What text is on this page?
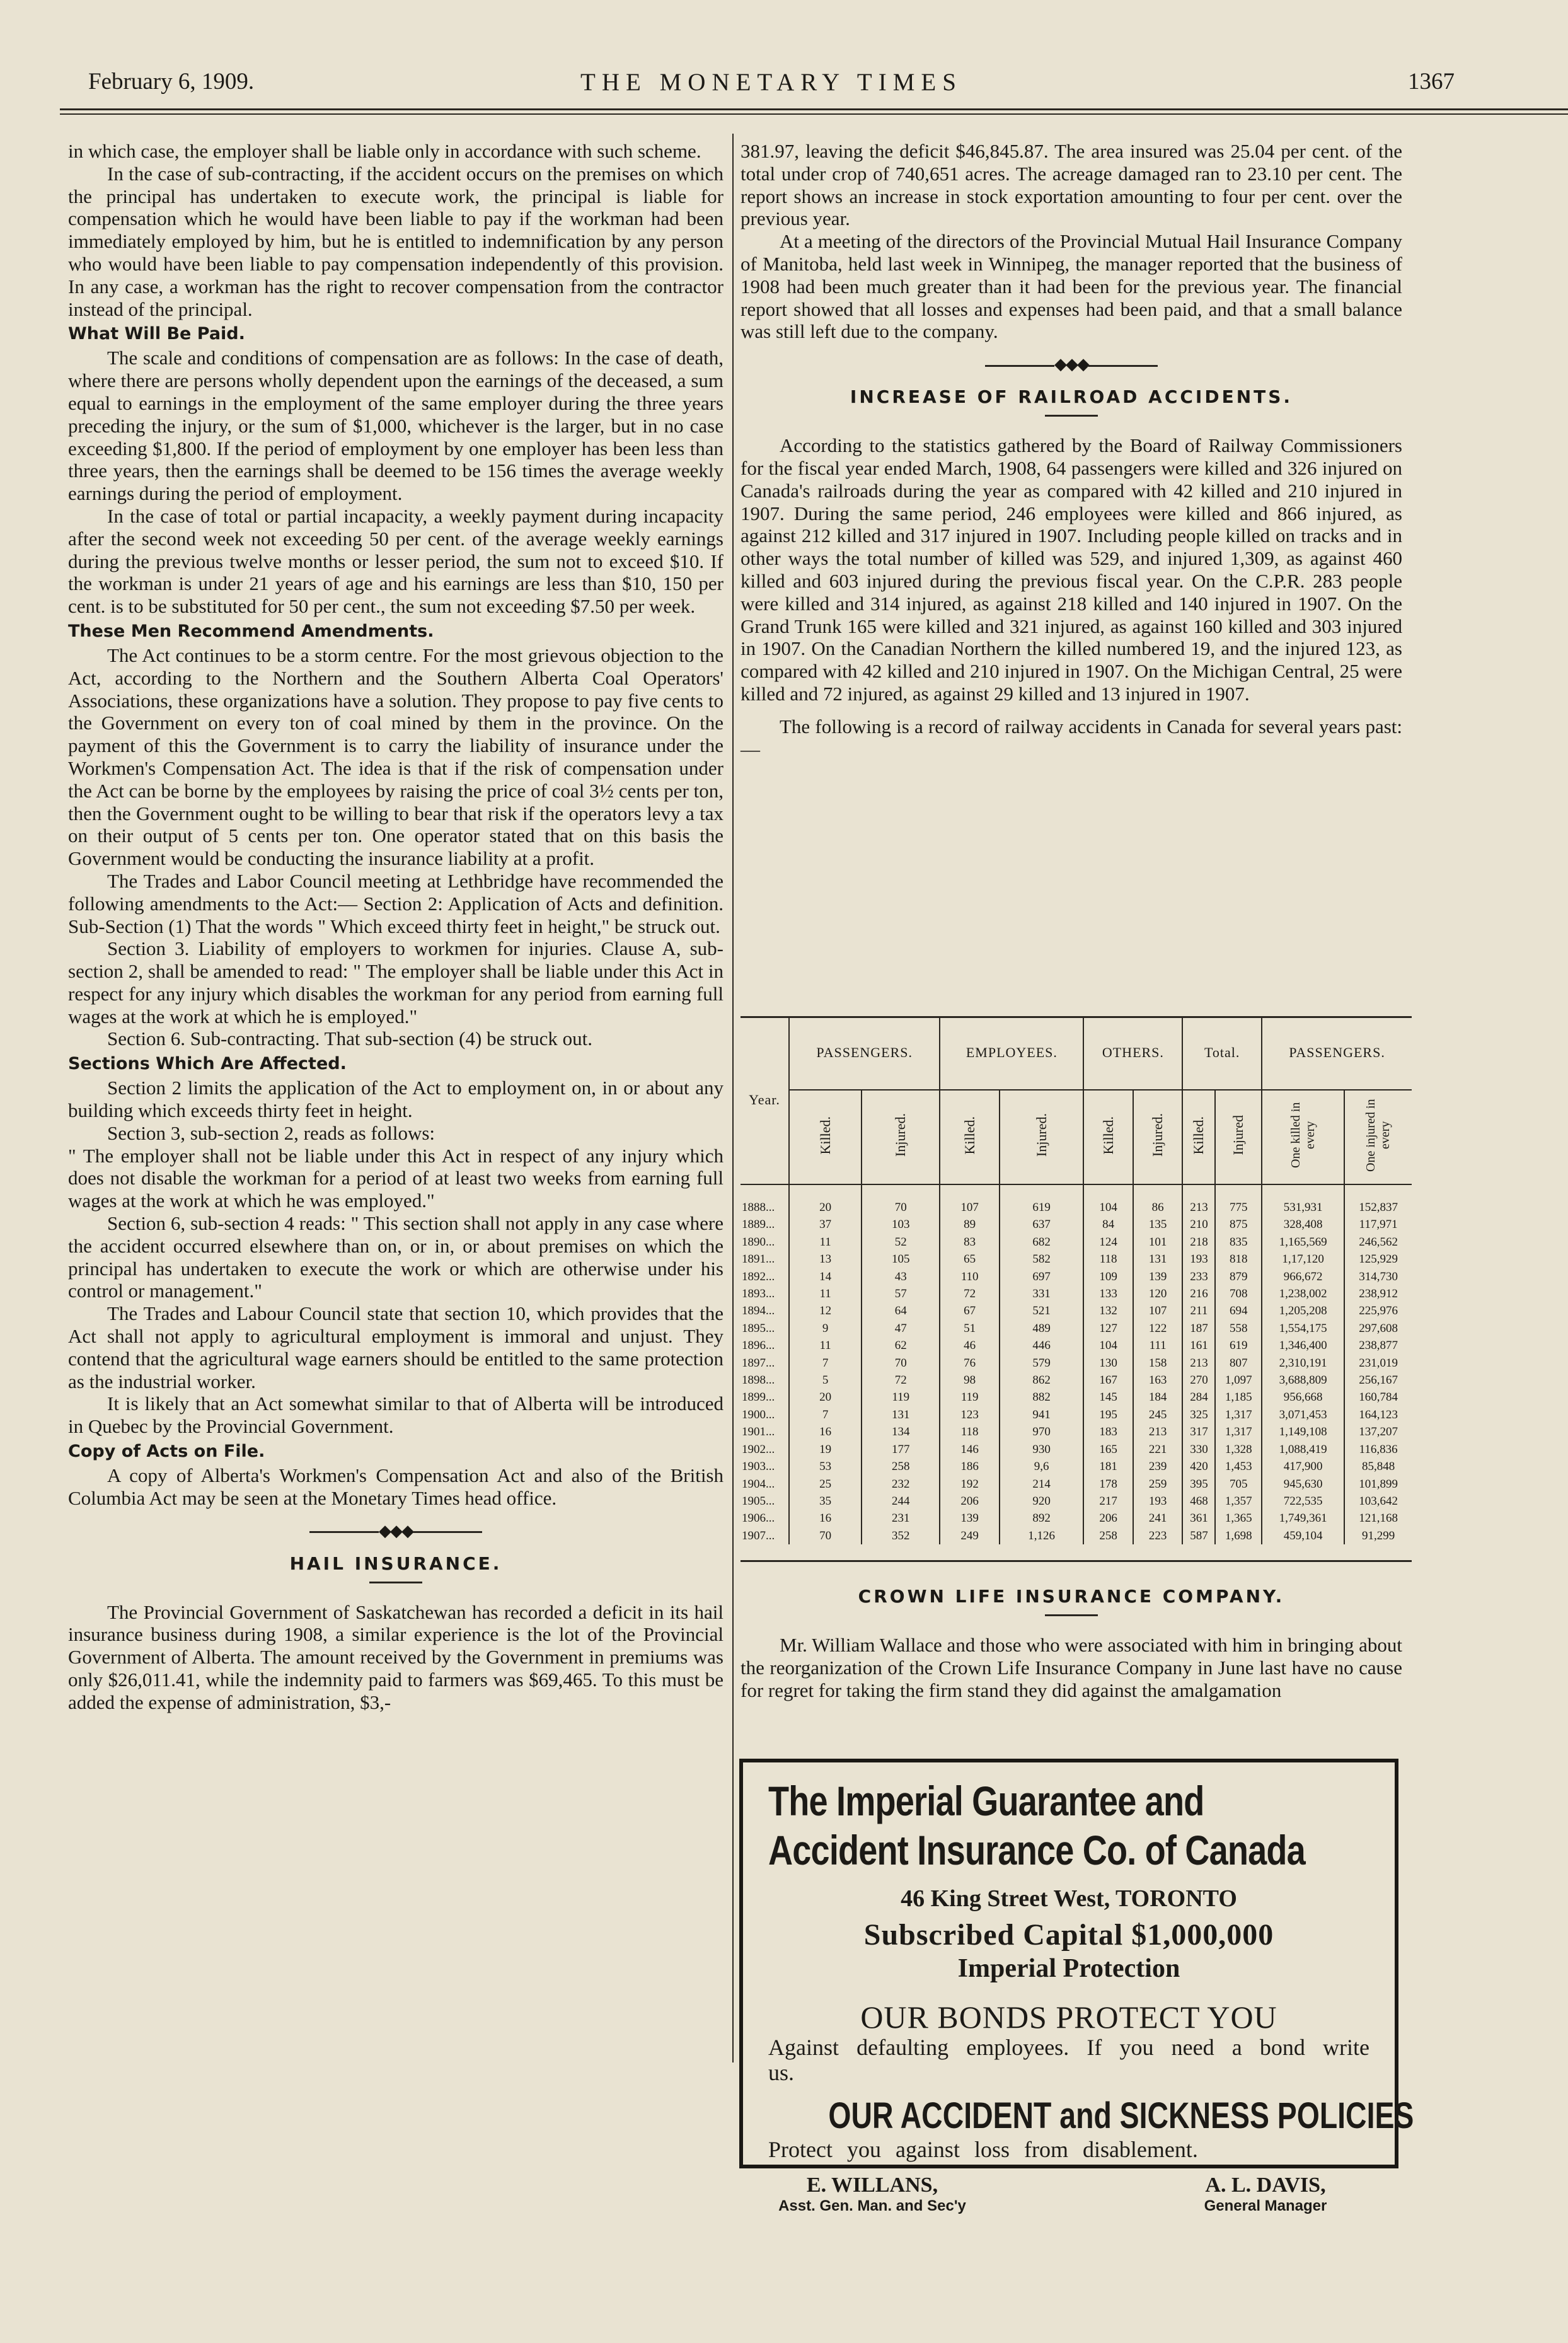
February 6, 1909.	THE MONETARY TIMES	1367

in which case, the employer shall be liable only in accordance with such scheme.

In the case of sub-contracting, if the accident occurs on the premises on which the principal has undertaken to execute work, the principal is liable for compensation which he would have been liable to pay if the workman had been immediately employed by him, but he is entitled to indemnification by any person who would have been liable to pay compensation independently of this provision. In any case, a workman has the right to recover compensation from the contractor instead of the principal.

What Will Be Paid.

The scale and conditions of compensation are as follows: In the case of death, where there are persons wholly dependent upon the earnings of the deceased, a sum equal to earnings in the employment of the same employer during the three years preceding the injury, or the sum of $1,000, whichever is the larger, but in no case exceeding $1,800. If the period of employment by one employer has been less than three years, then the earnings shall be deemed to be 156 times the average weekly earnings during the period of employment.

In the case of total or partial incapacity, a weekly payment during incapacity after the second week not exceeding 50 per cent. of the average weekly earnings during the previous twelve months or lesser period, the sum not to exceed $10. If the workman is under 21 years of age and his earnings are less than $10, 150 per cent. is to be substituted for 50 per cent., the sum not exceeding $7.50 per week.

These Men Recommend Amendments.

The Act continues to be a storm centre. For the most grievous objection to the Act, according to the Northern and the Southern Alberta Coal Operators' Associations, these organizations have a solution. They propose to pay five cents to the Government on every ton of coal mined by them in the province. On the payment of this the Government is to carry the liability of insurance under the Workmen's Compensation Act. The idea is that if the risk of compensation under the Act can be borne by the employees by raising the price of coal 3½ cents per ton, then the Government ought to be willing to bear that risk if the operators levy a tax on their output of 5 cents per ton. One operator stated that on this basis the Government would be conducting the insurance liability at a profit.

The Trades and Labor Council meeting at Lethbridge have recommended the following amendments to the Act:— Section 2: Application of Acts and definition. Sub-Section (1) That the words " Which exceed thirty feet in height," be struck out.

Section 3. Liability of employers to workmen for injuries. Clause A, sub-section 2, shall be amended to read: " The employer shall be liable under this Act in respect for any injury which disables the workman for any period from earning full wages at the work at which he is employed."

Section 6. Sub-contracting. That sub-section (4) be struck out.

Sections Which Are Affected.

Section 2 limits the application of the Act to employment on, in or about any building which exceeds thirty feet in height.

Section 3, sub-section 2, reads as follows:

" The employer shall not be liable under this Act in respect of any injury which does not disable the workman for a period of at least two weeks from earning full wages at the work at which he was employed."

Section 6, sub-section 4 reads: " This section shall not apply in any case where the accident occurred elsewhere than on, or in, or about premises on which the principal has undertaken to execute the work or which are otherwise under his control or management."

The Trades and Labour Council state that section 10, which provides that the Act shall not apply to agricultural employment is immoral and unjust. They contend that the agricultural wage earners should be entitled to the same protection as the industrial worker.

It is likely that an Act somewhat similar to that of Alberta will be introduced in Quebec by the Provincial Government.

Copy of Acts on File.

A copy of Alberta's Workmen's Compensation Act and also of the British Columbia Act may be seen at the Monetary Times head office.

◆◆◆
HAIL INSURANCE.

The Provincial Government of Saskatchewan has recorded a deficit in its hail insurance business during 1908, a similar experience is the lot of the Provincial Government of Alberta. The amount received by the Government in premiums was only $26,011.41, while the indemnity paid to farmers was $69,465. To this must be added the expense of administration, $3,-

381.97, leaving the deficit $46,845.87. The area insured was 25.04 per cent. of the total under crop of 740,651 acres. The acreage damaged ran to 23.10 per cent. The report shows an increase in stock exportation amounting to four per cent. over the previous year.

At a meeting of the directors of the Provincial Mutual Hail Insurance Company of Manitoba, held last week in Winnipeg, the manager reported that the business of 1908 had been much greater than it had been for the previous year. The financial report showed that all losses and expenses had been paid, and that a small balance was still left due to the company.

◆◆◆
INCREASE OF RAILROAD ACCIDENTS.

According to the statistics gathered by the Board of Railway Commissioners for the fiscal year ended March, 1908, 64 passengers were killed and 326 injured on Canada's railroads during the year as compared with 42 killed and 210 injured in 1907. During the same period, 246 employees were killed and 866 injured, as against 212 killed and 317 injured in 1907. Including people killed on tracks and in other ways the total number of killed was 529, and injured 1,309, as against 460 killed and 603 injured during the previous fiscal year. On the C.P.R. 283 people were killed and 314 injured, as against 218 killed and 140 injured in 1907. On the Grand Trunk 165 were killed and 321 injured, as against 160 killed and 303 injured in 1907. On the Canadian Northern the killed numbered 19, and the injured 123, as compared with 42 killed and 210 injured in 1907. On the Michigan Central, 25 were killed and 72 injured, as against 29 killed and 13 injured in 1907.

The following is a record of railway accidents in Canada for several years past:—

Year.	PASSENGERS.		EMPLOYEES.		OTHERS.		Total.		PASSENGERS.	
	Killed.	Injured.	Killed.	Injured.	Killed.	Injured.	Killed.	Injured	One killed in every	One injured in every
1888...	20	70	107	619	104	86	213	775	531,931	152,837
1889...	37	103	89	637	84	135	210	875	328,408	117,971
1890...	11	52	83	682	124	101	218	835	1,165,569	246,562
1891...	13	105	65	582	118	131	193	818	1,17,120	125,929
1892...	14	43	110	697	109	139	233	879	966,672	314,730
1893...	11	57	72	331	133	120	216	708	1,238,002	238,912
1894...	12	64	67	521	132	107	211	694	1,205,208	225,976
1895...	9	47	51	489	127	122	187	558	1,554,175	297,608
1896...	11	62	46	446	104	111	161	619	1,346,400	238,877
1897...	7	70	76	579	130	158	213	807	2,310,191	231,019
1898...	5	72	98	862	167	163	270	1,097	3,688,809	256,167
1899...	20	119	119	882	145	184	284	1,185	956,668	160,784
1900...	7	131	123	941	195	245	325	1,317	3,071,453	164,123
1901...	16	134	118	970	183	213	317	1,317	1,149,108	137,207
1902...	19	177	146	930	165	221	330	1,328	1,088,419	116,836
1903...	53	258	186	9,6	181	239	420	1,453	417,900	85,848
1904...	25	232	192	214	178	259	395	705	945,630	101,899
1905...	35	244	206	920	217	193	468	1,357	722,535	103,642
1906...	16	231	139	892	206	241	361	1,365	1,749,361	121,168
1907...	70	352	249	1,126	258	223	587	1,698	459,104	91,299
CROWN LIFE INSURANCE COMPANY.

Mr. William Wallace and those who were associated with him in bringing about the reorganization of the Crown Life Insurance Company in June last have no cause for regret for taking the firm stand they did against the amalgamation

The Imperial Guarantee and
Accident Insurance Co. of Canada
46 King Street West, TORONTO
Subscribed Capital $1,000,000
Imperial Protection
OUR BONDS PROTECT YOU
Against defaulting employees. If you need a bond write us.
OUR ACCIDENT and SICKNESS POLICIES
Protect you against loss from disablement.
E. WILLANS,
Asst. Gen. Man. and Sec'y
A. L. DAVIS,
General Manager
